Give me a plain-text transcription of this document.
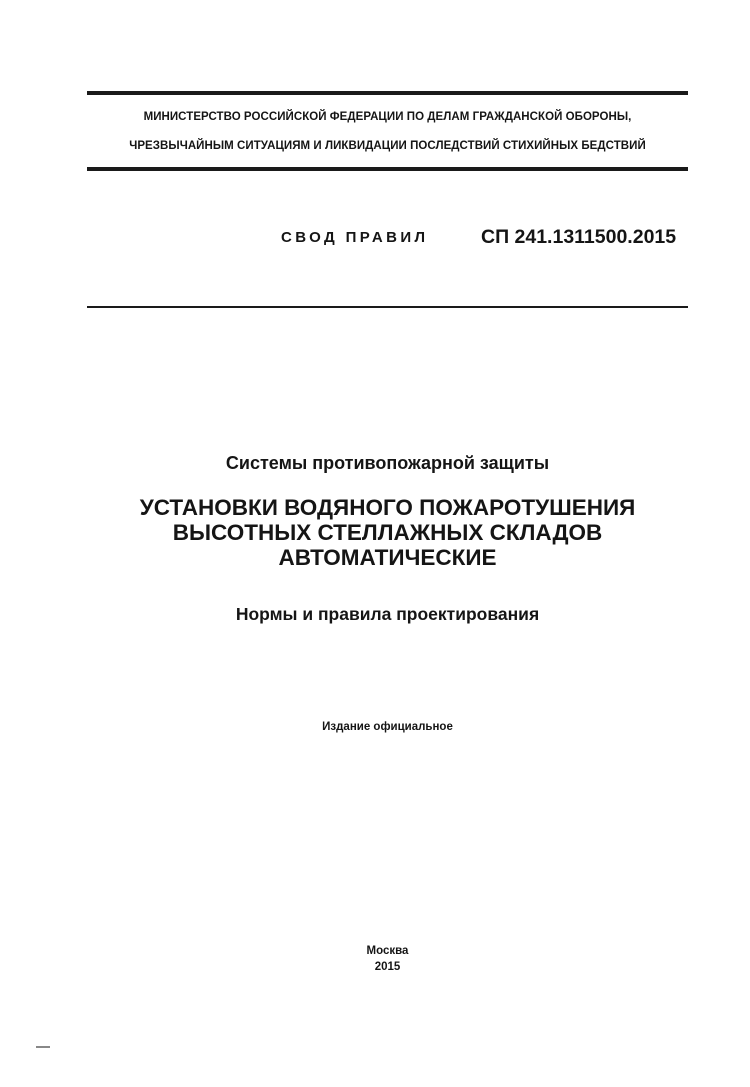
МИНИСТЕРСТВО РОССИЙСКОЙ ФЕДЕРАЦИИ ПО ДЕЛАМ ГРАЖДАНСКОЙ ОБОРОНЫ,
ЧРЕЗВЫЧАЙНЫМ СИТУАЦИЯМ И ЛИКВИДАЦИИ ПОСЛЕДСТВИЙ СТИХИЙНЫХ БЕДСТВИЙ
СВОД ПРАВИЛ	СП 241.1311500.2015
Системы противопожарной защиты
УСТАНОВКИ ВОДЯНОГО ПОЖАРОТУШЕНИЯ
ВЫСОТНЫХ СТЕЛЛАЖНЫХ СКЛАДОВ
АВТОМАТИЧЕСКИЕ
Нормы и правила проектирования
Издание официальное
Москва
2015
